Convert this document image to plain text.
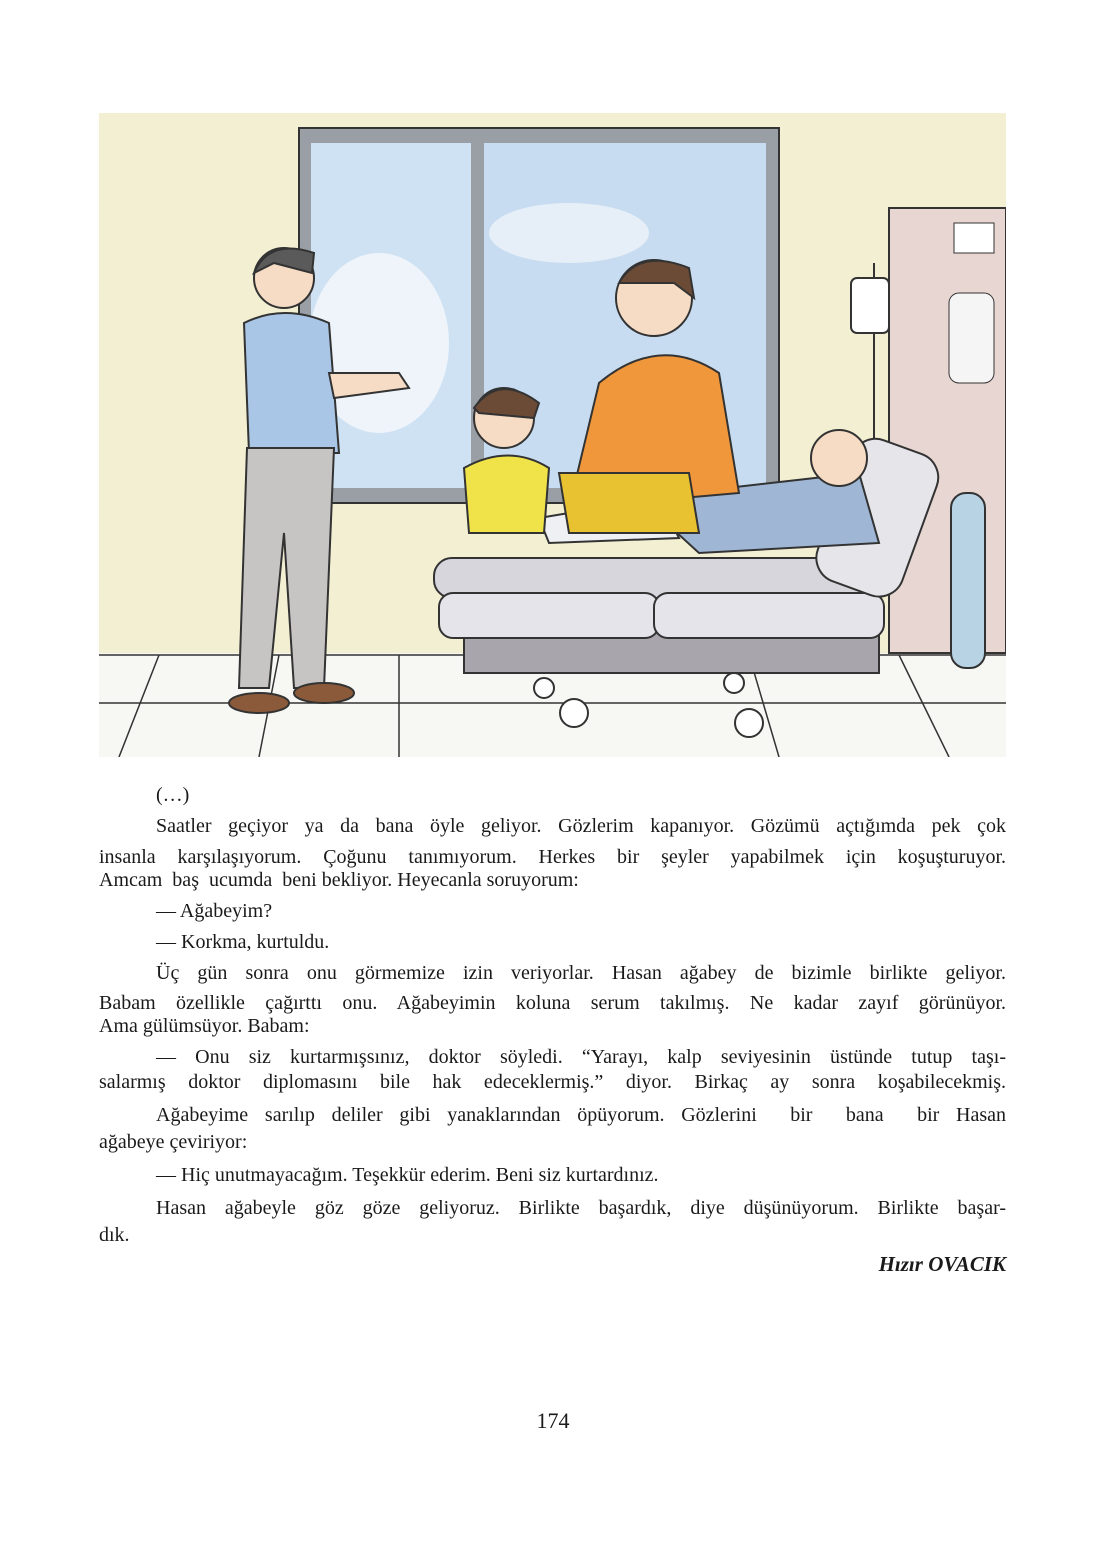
(…)
Saatler geçiyor ya da bana öyle geliyor. Gözlerim kapanıyor. Gözümü açtığımda pek çok
insanla karşılaşıyorum. Çoğunu tanımıyorum. Herkes bir şeyler yapabilmek için koşuşturuyor.
Amcam  baş  ucumda  beni bekliyor. Heyecanla soruyorum:
— Ağabeyim?
— Korkma, kurtuldu.
Üç gün sonra onu görmemize izin veriyorlar. Hasan ağabey de bizimle birlikte geliyor.
Babam özellikle çağırttı onu. Ağabeyimin koluna serum takılmış. Ne kadar zayıf görünüyor.
Ama gülümsüyor. Babam:
— Onu siz kurtarmışsınız, doktor söyledi. “Yarayı, kalp seviyesinin üstünde tutup taşı-
salarmış doktor diplomasını bile hak edeceklermiş.” diyor. Birkaç ay sonra koşabilecekmiş.
Ağabeyime sarılıp deliler gibi yanaklarından öpüyorum. Gözlerini  bir  bana  bir Hasan
ağabeye çeviriyor:
— Hiç unutmayacağım. Teşekkür ederim. Beni siz kurtardınız.
Hasan ağabeyle göz göze geliyoruz. Birlikte başardık, diye düşünüyorum. Birlikte başar-
dık.
Hızır OVACIK
174
